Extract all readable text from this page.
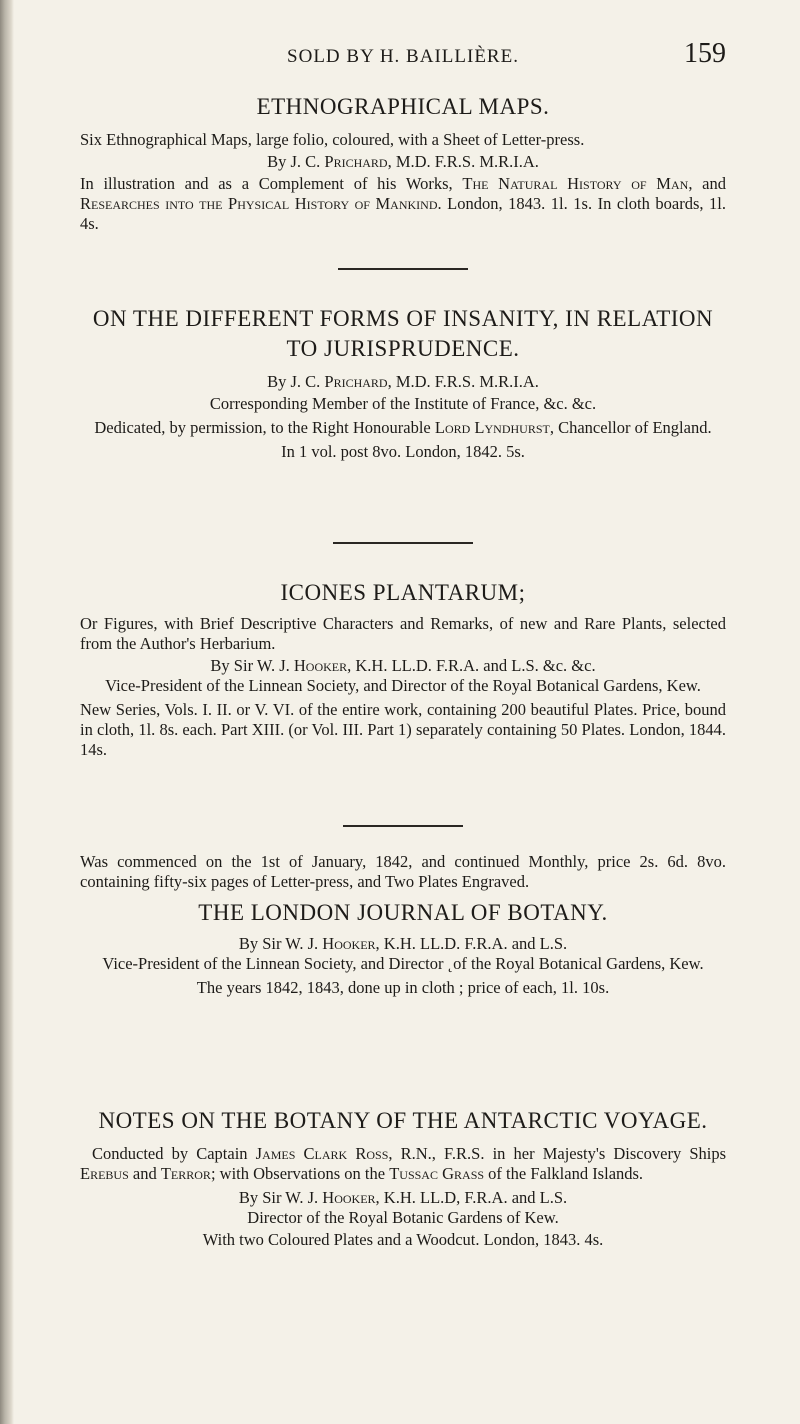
SOLD BY H. BAILLIÈRE.	159
ETHNOGRAPHICAL MAPS.

Six Ethnographical Maps, large folio, coloured, with a Sheet of Letter-press.

By J. C. Prichard, M.D. F.R.S. M.R.I.A.

In illustration and as a Complement of his Works, The Natural History of Man, and Researches into the Physical History of Mankind. London, 1843. 1l. 1s. In cloth boards, 1l. 4s.

ON THE DIFFERENT FORMS OF INSANITY, IN RELATION TO JURISPRUDENCE.

By J. C. Prichard, M.D. F.R.S. M.R.I.A.

Corresponding Member of the Institute of France, &c. &c.

Dedicated, by permission, to the Right Honourable Lord Lyndhurst, Chancellor of England.

In 1 vol. post 8vo. London, 1842. 5s.

ICONES PLANTARUM;

Or Figures, with Brief Descriptive Characters and Remarks, of new and Rare Plants, selected from the Author's Herbarium.

By Sir W. J. Hooker, K.H. LL.D. F.R.A. and L.S. &c. &c.

Vice-President of the Linnean Society, and Director of the Royal Botanical Gardens, Kew.

New Series, Vols. I. II. or V. VI. of the entire work, containing 200 beautiful Plates. Price, bound in cloth, 1l. 8s. each. Part XIII. (or Vol. III. Part 1) separately containing 50 Plates. London, 1844. 14s.

Was commenced on the 1st of January, 1842, and continued Monthly, price 2s. 6d. 8vo. containing fifty-six pages of Letter-press, and Two Plates Engraved.

THE LONDON JOURNAL OF BOTANY.

By Sir W. J. Hooker, K.H. LL.D. F.R.A. and L.S.

Vice-President of the Linnean Society, and Director ˛of the Royal Botanical Gardens, Kew.

The years 1842, 1843, done up in cloth ; price of each, 1l. 10s.

NOTES ON THE BOTANY OF THE ANTARCTIC VOYAGE.

Conducted by Captain James Clark Ross, R.N., F.R.S. in her Majesty's Discovery Ships Erebus and Terror; with Observations on the Tussac Grass of the Falkland Islands.

By Sir W. J. Hooker, K.H. LL.D, F.R.A. and L.S.

Director of the Royal Botanic Gardens of Kew.

With two Coloured Plates and a Woodcut. London, 1843. 4s.
